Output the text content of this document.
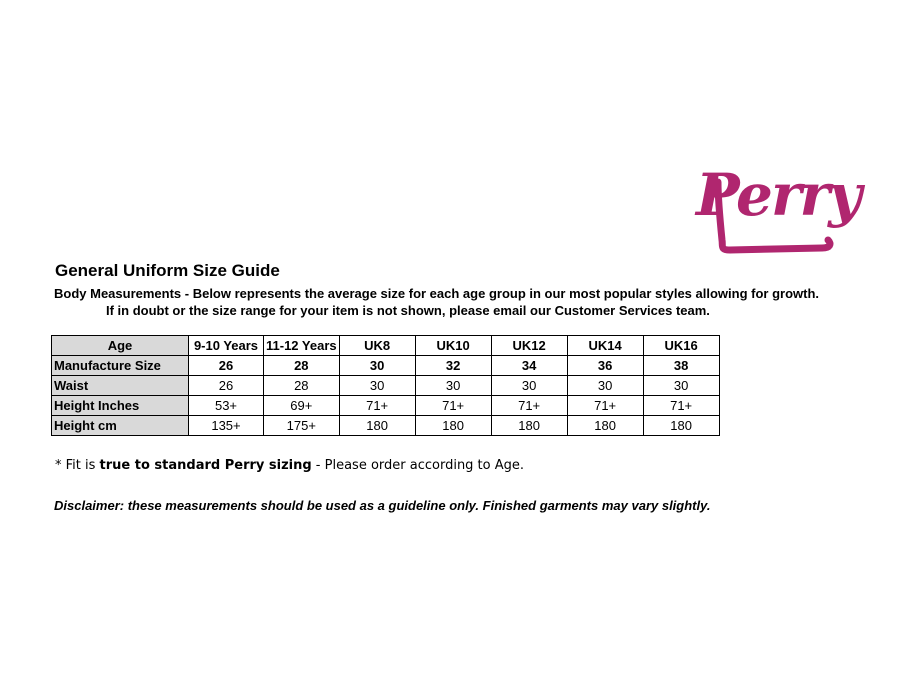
Perry
General Uniform Size Guide
Body Measurements - Below represents the average size for each age group in our most popular styles allowing for growth.
If in doubt or the size range for your item is not shown, please email our Customer Services team.
Age	9-10 Years	11-12 Years	UK8	UK10	UK12	UK14	UK16
Manufacture Size	26	28	30	32	34	36	38
Waist	26	28	30	30	30	30	30
Height Inches	53+	69+	71+	71+	71+	71+	71+
Height cm	135+	175+	180	180	180	180	180
* Fit is true to standard Perry sizing - Please order according to Age.
Disclaimer: these measurements should be used as a guideline only. Finished garments may vary slightly.
